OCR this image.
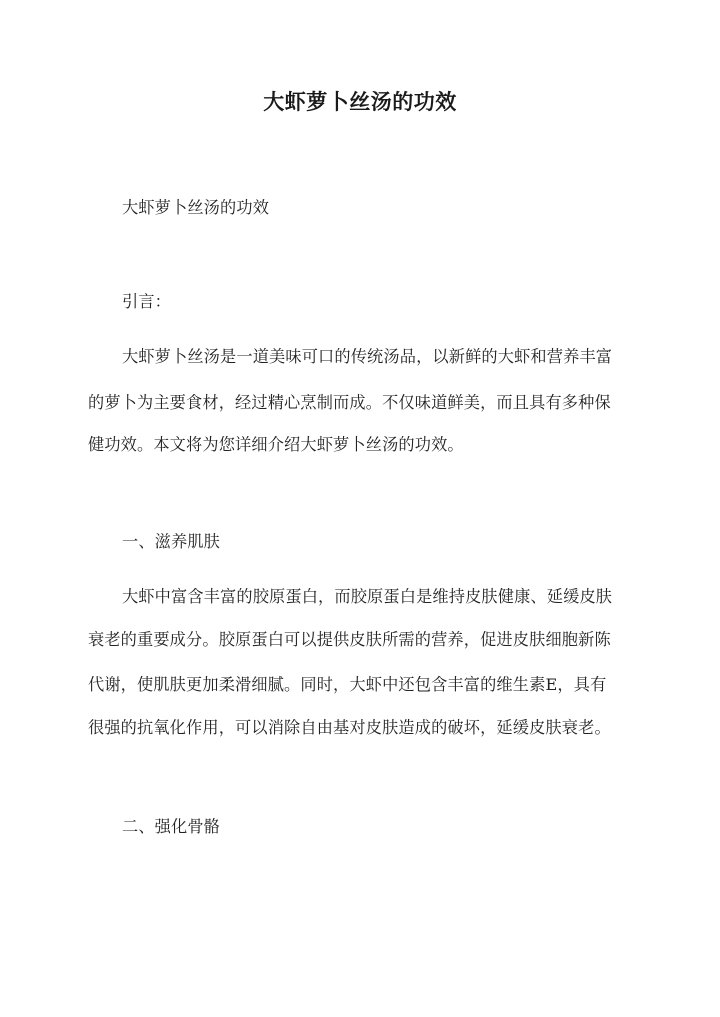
大虾萝卜丝汤的功效
大虾萝卜丝汤的功效
引言：
大虾萝卜丝汤是一道美味可口的传统汤品，以新鲜的大虾和营养丰富
的萝卜为主要食材，经过精心烹制而成。不仅味道鲜美，而且具有多种保
健功效。本文将为您详细介绍大虾萝卜丝汤的功效。
一、滋养肌肤
大虾中富含丰富的胶原蛋白，而胶原蛋白是维持皮肤健康、延缓皮肤
衰老的重要成分。胶原蛋白可以提供皮肤所需的营养，促进皮肤细胞新陈
代谢，使肌肤更加柔滑细腻。同时，大虾中还包含丰富的维生素E，具有
很强的抗氧化作用，可以消除自由基对皮肤造成的破坏，延缓皮肤衰老。
二、强化骨骼
